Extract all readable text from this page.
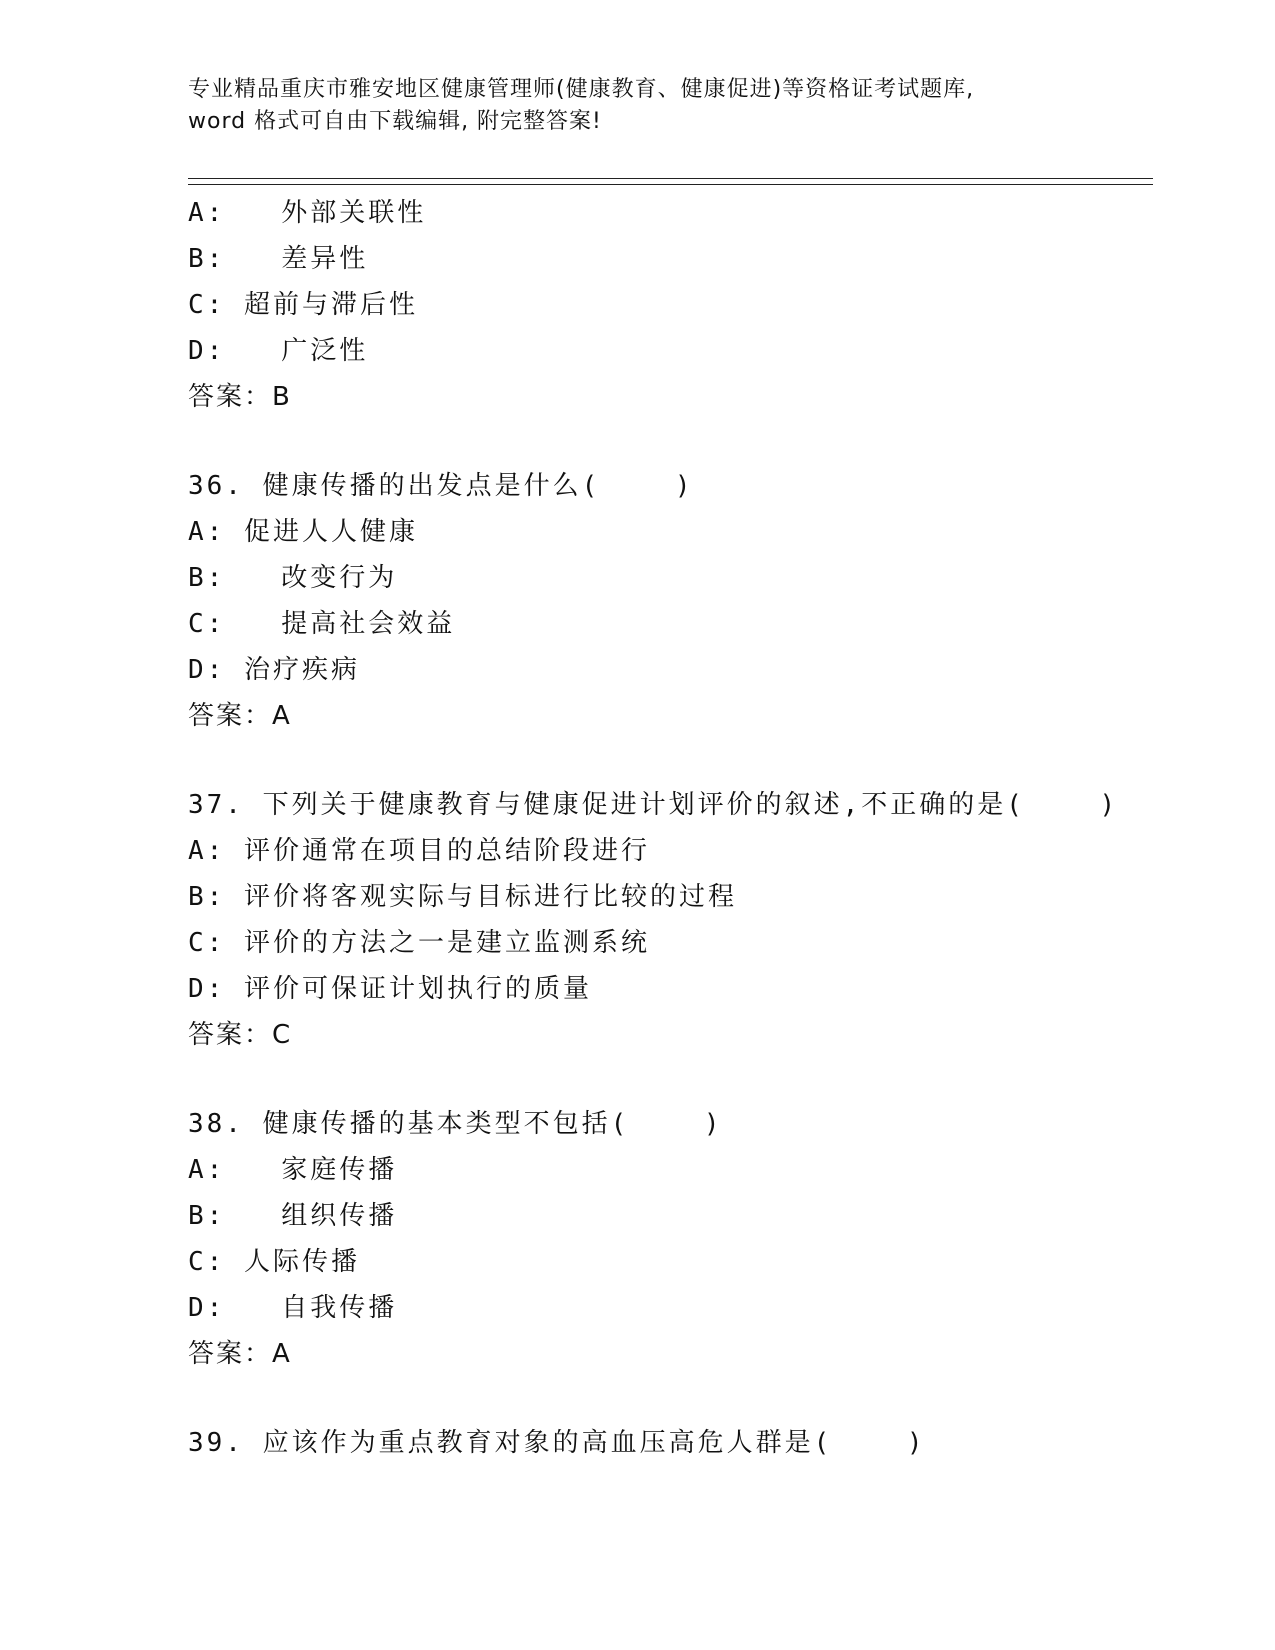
专业精品重庆市雅安地区健康管理师(健康教育、健康促进)等资格证考试题库,
word 格式可自由下载编辑, 附完整答案!
A:   外部关联性
B:   差异性
C: 超前与滞后性
D:   广泛性
答案：B
36. 健康传播的出发点是什么(    )
A: 促进人人健康
B:   改变行为
C:   提高社会效益
D: 治疗疾病
答案：A
37. 下列关于健康教育与健康促进计划评价的叙述,不正确的是(    )
A: 评价通常在项目的总结阶段进行
B: 评价将客观实际与目标进行比较的过程
C: 评价的方法之一是建立监测系统
D: 评价可保证计划执行的质量
答案：C
38. 健康传播的基本类型不包括(    )
A:   家庭传播
B:   组织传播
C: 人际传播
D:   自我传播
答案：A
39. 应该作为重点教育对象的高血压高危人群是(    )
